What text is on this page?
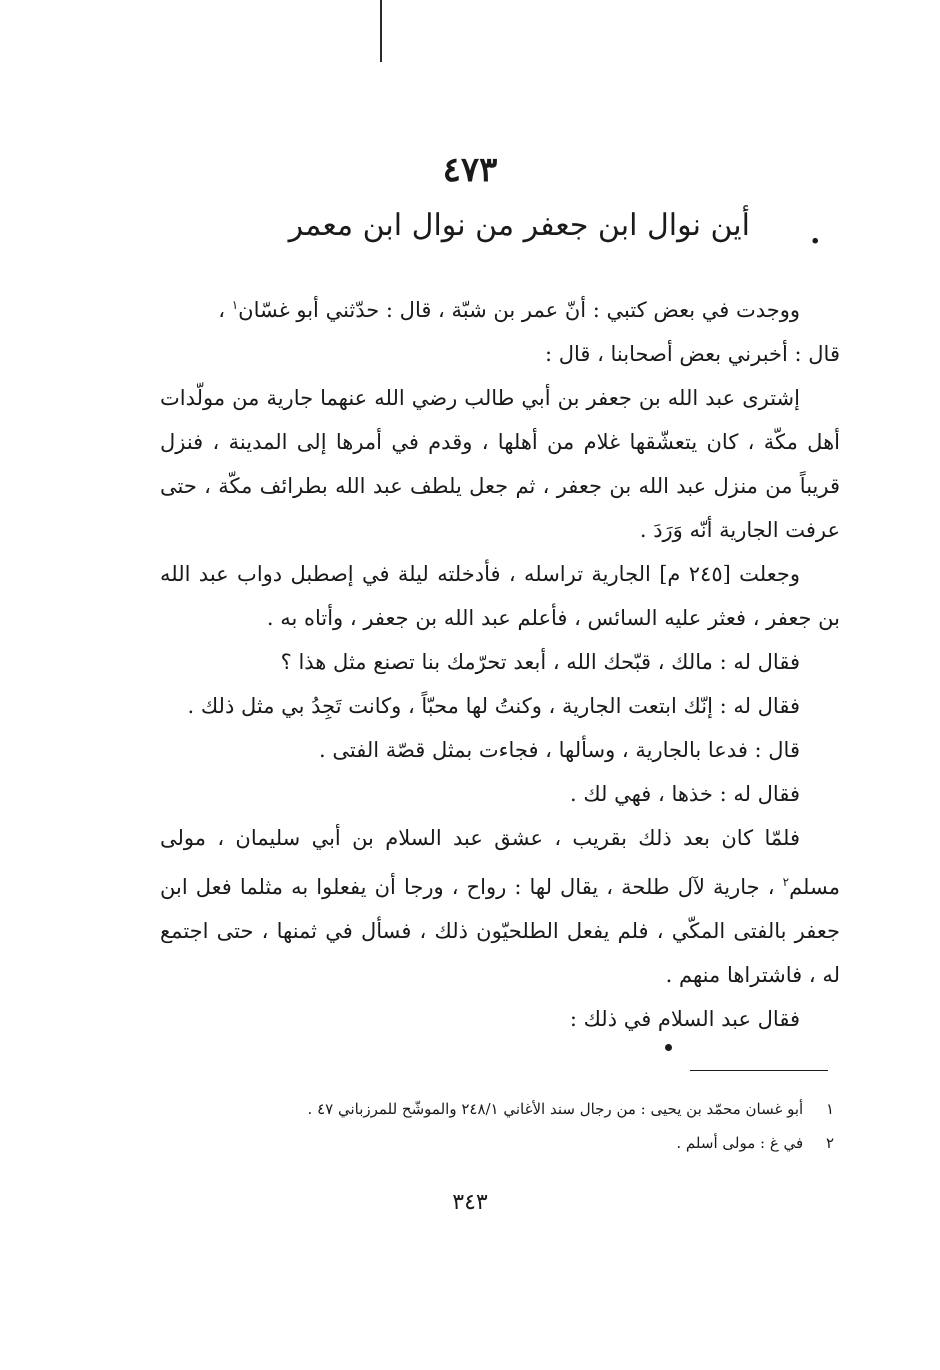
٤٧٣
.
أين نوال ابن جعفر من نوال ابن معمر

ووجدت في بعض كتبي : أنّ عمر بن شبّة ، قال : حدّثني أبو غسّان$^١$ ،

قال : أخبرني بعض أصحابنا ، قال :

إشترى عبد الله بن جعفر بن أبي طالب رضي الله عنهما جارية من مولّدات أهل مكّة ، كان يتعشّقها غلام من أهلها ، وقدم في أمرها إلى المدينة ، فنزل قريباً من منزل عبد الله بن جعفر ، ثم جعل يلطف عبد الله بطرائف مكّة ، حتى عرفت الجارية أنّه وَرَدَ .

وجعلت [٢٤٥ م] الجارية تراسله ، فأدخلته ليلة في إصطبل دواب عبد الله بن جعفر ، فعثر عليه السائس ، فأعلم عبد الله بن جعفر ، وأتاه به .

فقال له : مالك ، قبّحك الله ، أبعد تحرّمك بنا تصنع مثل هذا ؟

فقال له : إنّك ابتعت الجارية ، وكنتُ لها محبّاً ، وكانت تَجِدُ بي مثل ذلك .

قال : فدعا بالجارية ، وسألها ، فجاءت بمثل قصّة الفتى .

فقال له : خذها ، فهي لك .

فلمّا كان بعد ذلك بقريب ، عشق عبد السلام بن أبي سليمان ، مولى مسلم$^٢$ ، جارية لآل طلحة ، يقال لها : رواح ، ورجا أن يفعلوا به مثلما فعل ابن جعفر بالفتى المكّي ، فلم يفعل الطلحيّون ذلك ، فسأل في ثمنها ، حتى اجتمع له ، فاشتراها منهم .

فقال عبد السلام في ذلك :

١ أبو غسان محمّد بن يحيى : من رجال سند الأغاني ٢٤٨/١ والموشّح للمرزباني ٤٧ .

٢ في غ : مولى أسلم .

٣٤٣
